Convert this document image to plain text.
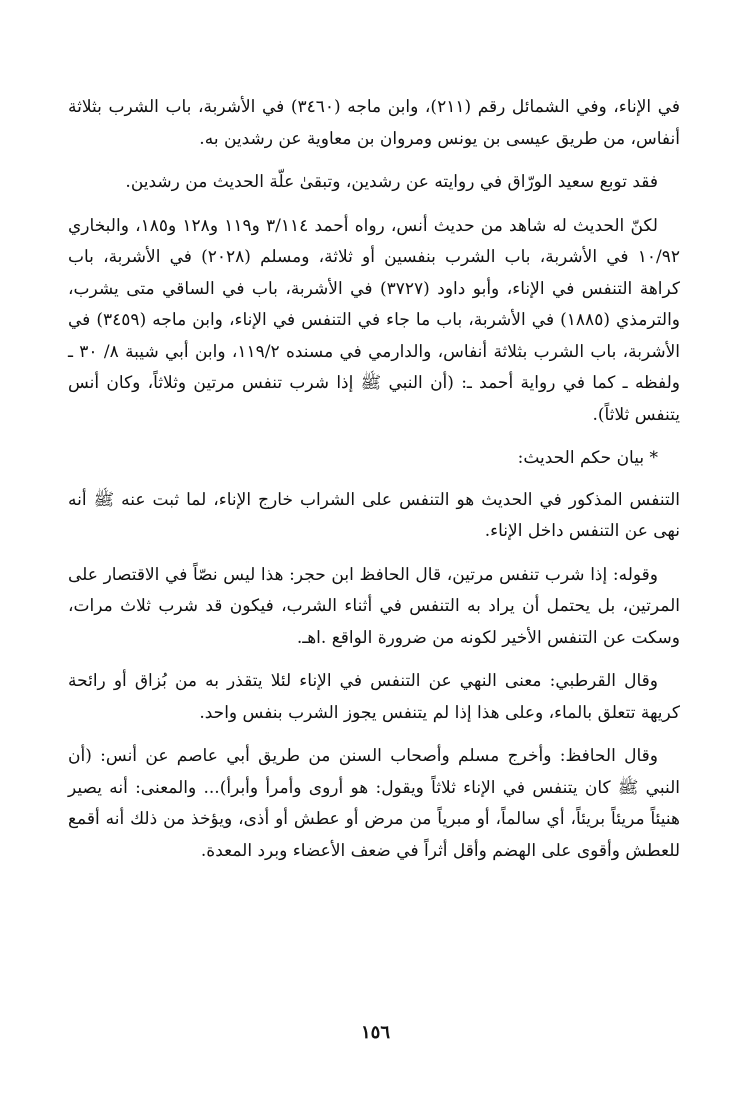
في الإناء، وفي الشمائل رقم (٢١١)، وابن ماجه (٣٤٦٠) في الأشربة، باب الشرب بثلاثة أنفاس، من طريق عيسى بن يونس ومروان بن معاوية عن رشدين به.

فقد توبع سعيد الورّاق في روايته عن رشدين، وتبقىٰ علّة الحديث من رشدين.

لكنّ الحديث له شاهد من حديث أنس، رواه أحمد ٣/١١٤ و١١٩ و١٢٨ و١٨٥، والبخاري ١٠/٩٢ في الأشربة، باب الشرب بنفسين أو ثلاثة، ومسلم (٢٠٢٨) في الأشربة، باب كراهة التنفس في الإناء، وأبو داود (٣٧٢٧) في الأشربة، باب في الساقي متى يشرب، والترمذي (١٨٨٥) في الأشربة، باب ما جاء في التنفس في الإناء، وابن ماجه (٣٤٥٩) في الأشربة، باب الشرب بثلاثة أنفاس، والدارمي في مسنده ١١٩/٢، وابن أبي شيبة ٨/ ٣٠ ـ ولفظه ـ كما في رواية أحمد ـ: (أن النبي ﷺ إذا شرب تنفس مرتين وثلاثاً، وكان أنس يتنفس ثلاثاً).

* بيان حكم الحديث:

التنفس المذكور في الحديث هو التنفس على الشراب خارج الإناء، لما ثبت عنه ﷺ أنه نهى عن التنفس داخل الإناء.

وقوله: إذا شرب تنفس مرتين، قال الحافظ ابن حجر: هذا ليس نصّاً في الاقتصار على المرتين، بل يحتمل أن يراد به التنفس في أثناء الشرب، فيكون قد شرب ثلاث مرات، وسكت عن التنفس الأخير لكونه من ضرورة الواقع .اهـ.

وقال القرطبي: معنى النهي عن التنفس في الإناء لئلا يتقذر به من بُزاق أو رائحة كريهة تتعلق بالماء، وعلى هذا إذا لم يتنفس يجوز الشرب بنفس واحد.

وقال الحافظ: وأخرج مسلم وأصحاب السنن من طريق أبي عاصم عن أنس: (أن النبي ﷺ كان يتنفس في الإناء ثلاثاً ويقول: هو أروى وأمرأ وأبرأ)... والمعنى: أنه يصير هنيئاً مريئاً بريئاً، أي سالماً، أو مبرياً من مرض أو عطش أو أذى، ويؤخذ من ذلك أنه أقمع للعطش وأقوى على الهضم وأقل أثراً في ضعف الأعضاء وبرد المعدة.

١٥٦
